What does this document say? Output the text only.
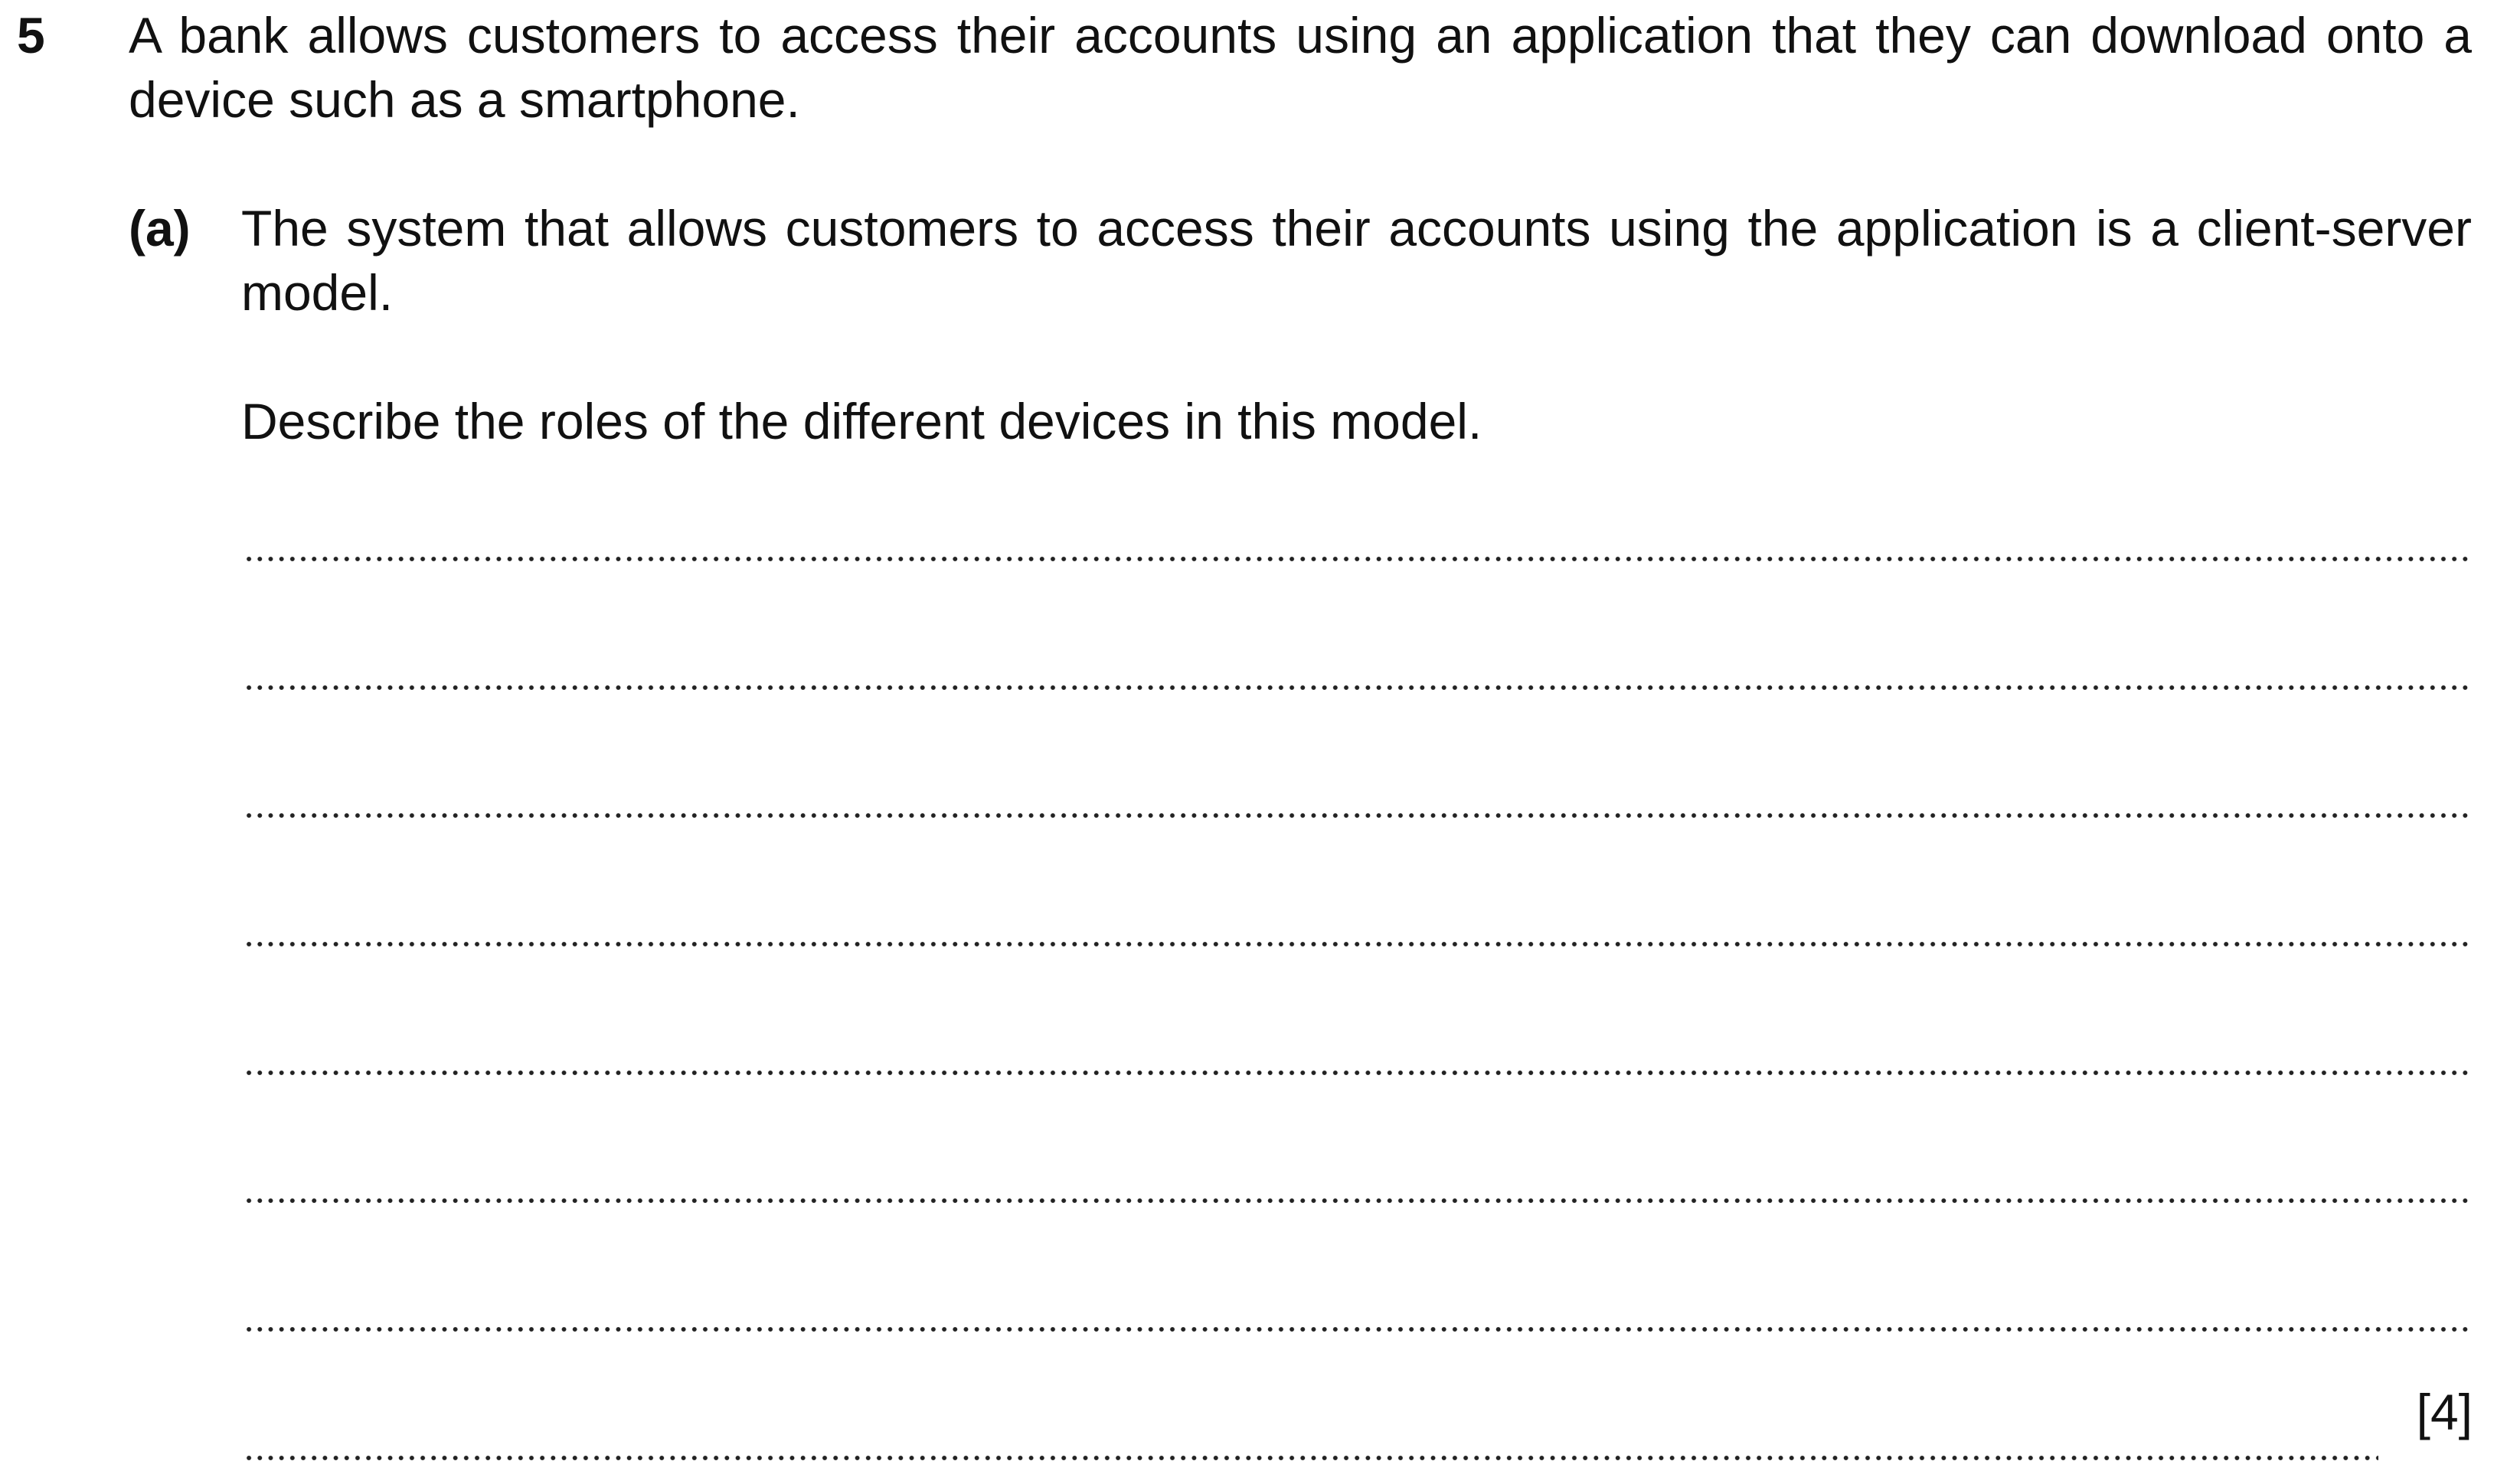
5 A bank allows customers to access their accounts using an application that they can download onto a device such as a smartphone.
(a) The system that allows customers to access their accounts using the application is a client-server model.
Describe the roles of the different devices in this model.
[4]
